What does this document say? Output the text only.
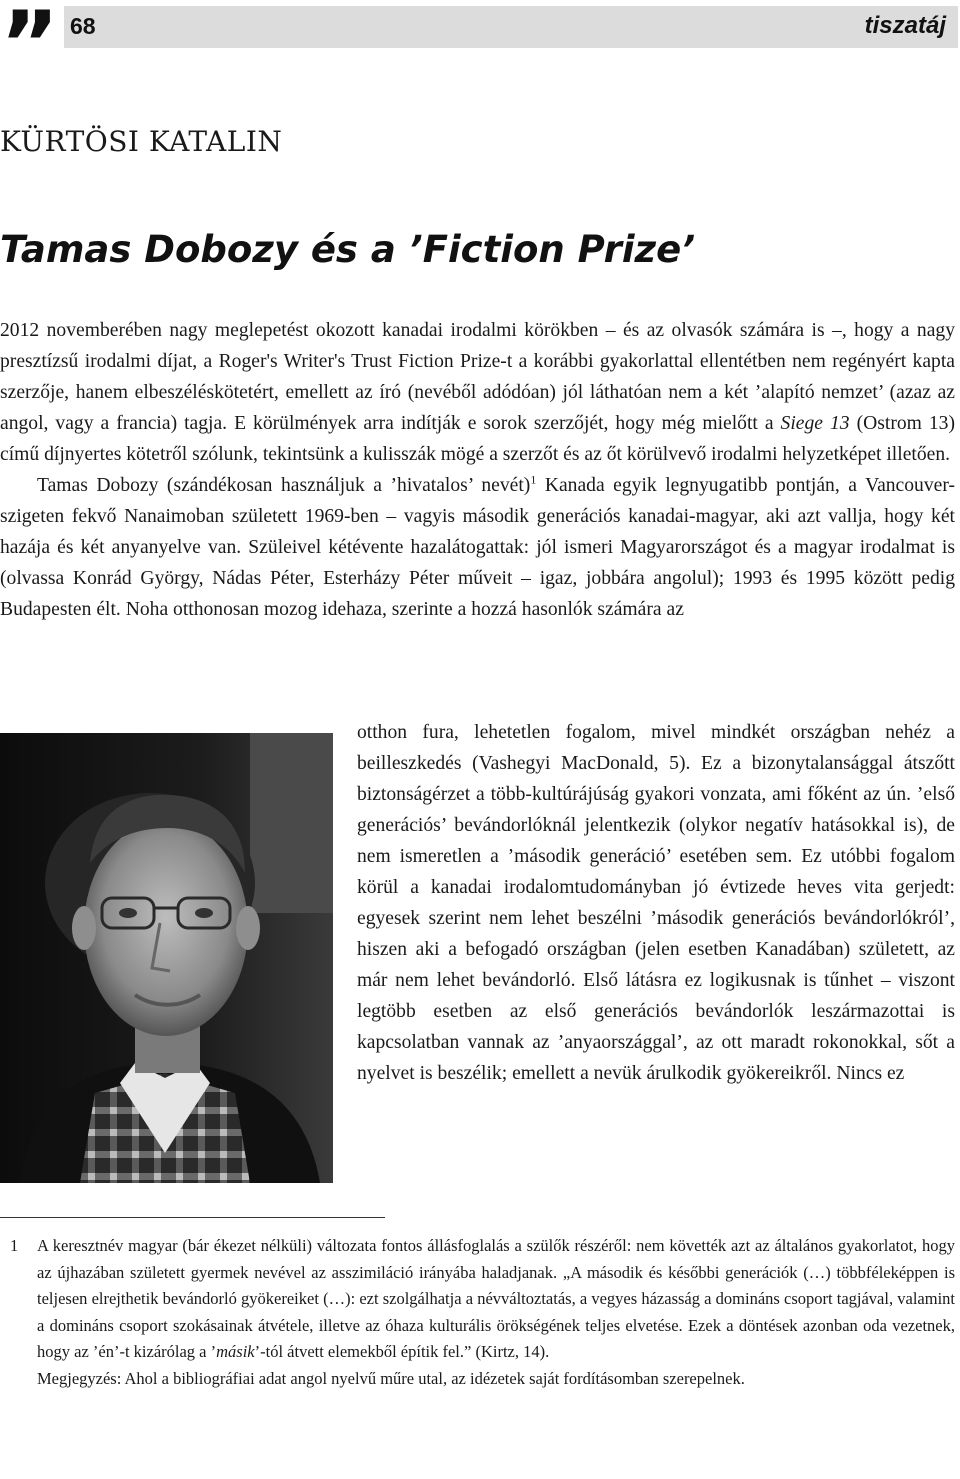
” 68	tiszatáj
KÜRTÖSI KATALIN
Tamas Dobozy és a ’Fiction Prize’

2012 novemberében nagy meglepetést okozott kanadai irodalmi körökben – és az olvasók számára is –, hogy a nagy presztízsű irodalmi díjat, a Roger's Writer's Trust Fiction Prize-t a korábbi gyakorlattal ellentétben nem regényért kapta szerzője, hanem elbeszéléskötetért, emellett az író (nevéből adódóan) jól láthatóan nem a két ’alapító nemzet’ (azaz az angol, vagy a francia) tagja. E körülmények arra indítják e sorok szerzőjét, hogy még mielőtt a Siege 13 (Ostrom 13) című díjnyertes kötetről szólunk, tekintsünk a kulisszák mögé a szerzőt és az őt körülvevő irodalmi helyzetképet illetően.

Tamas Dobozy (szándékosan használjuk a ’hivatalos’ nevét)$^1$ Kanada egyik legnyugatibb pontján, a Vancouver-szigeten fekvő Nanaimoban született 1969-ben – vagyis második generációs kanadai-magyar, aki azt vallja, hogy két hazája és két anyanyelve van. Szüleivel kétévente hazalátogattak: jól ismeri Magyarországot és a magyar irodalmat is (olvassa Konrád György, Nádas Péter, Esterházy Péter műveit – igaz, jobbára angolul); 1993 és 1995 között pedig Budapesten élt. Noha otthonosan mozog idehaza, szerinte a hozzá hasonlók számára az

otthon fura, lehetetlen fogalom, mivel mindkét országban nehéz a beilleszkedés (Vashegyi MacDonald, 5). Ez a bizonytalansággal átszőtt biztonságérzet a több-kultúrájúság gyakori vonzata, ami főként az ún. ’első generációs’ bevándorlóknál jelentkezik (olykor negatív hatásokkal is), de nem ismeretlen a ’második generáció’ esetében sem. Ez utóbbi fogalom körül a kanadai irodalomtudományban jó évtizede heves vita gerjedt: egyesek szerint nem lehet beszélni ’második generációs bevándorlókról’, hiszen aki a befogadó országban (jelen esetben Kanadában) született, az már nem lehet bevándorló. Első látásra ez logikusnak is tűnhet – viszont legtöbb esetben az első generációs bevándorlók leszármazottai is kapcsolatban vannak az ’anyaországgal’, az ott maradt rokonokkal, sőt a nyelvet is beszélik; emellett a nevük árulkodik gyökereikről. Nincs ez

1 A keresztnév magyar (bár ékezet nélküli) változata fontos állásfoglalás a szülők részéről: nem követték azt az általános gyakorlatot, hogy az újhazában született gyermek nevével az asszimiláció irányába haladjanak. „A második és későbbi generációk (…) többféleképpen is teljesen elrejthetik bevándorló gyökereiket (…): ezt szolgálhatja a névváltoztatás, a vegyes házasság a domináns csoport tagjával, valamint a domináns csoport szokásainak átvétele, illetve az óhaza kulturális örökségének teljes elvetése. Ezek a döntések azonban oda vezetnek, hogy az ’én’-t kizárólag a ’másik’-tól átvett elemekből építik fel.” (Kirtz, 14).

Megjegyzés: Ahol a bibliográfiai adat angol nyelvű műre utal, az idézetek saját fordításomban szerepelnek.
